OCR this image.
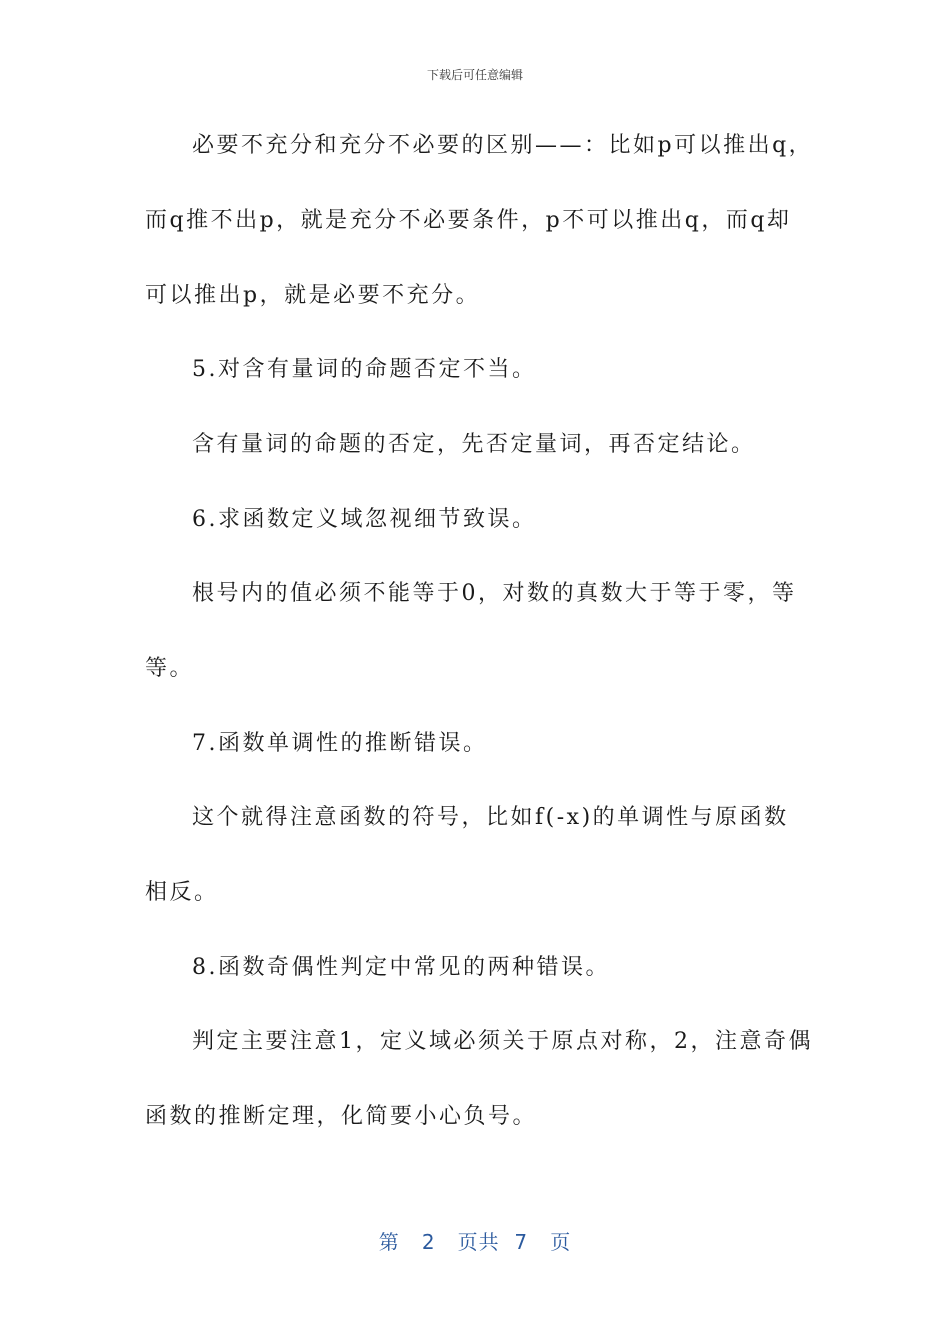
下载后可任意编辑
必要不充分和充分不必要的区别——：比如p可以推出q，
而q推不出p，就是充分不必要条件，p不可以推出q，而q却
可以推出p，就是必要不充分。
5.对含有量词的命题否定不当。
含有量词的命题的否定，先否定量词，再否定结论。
6.求函数定义域忽视细节致误。
根号内的值必须不能等于0，对数的真数大于等于零，等
等。
7.函数单调性的推断错误。
这个就得注意函数的符号，比如f(-x)的单调性与原函数
相反。
8.函数奇偶性判定中常见的两种错误。
判定主要注意1，定义域必须关于原点对称，2，注意奇偶
函数的推断定理，化简要小心负号。
第 2 页共 7 页
